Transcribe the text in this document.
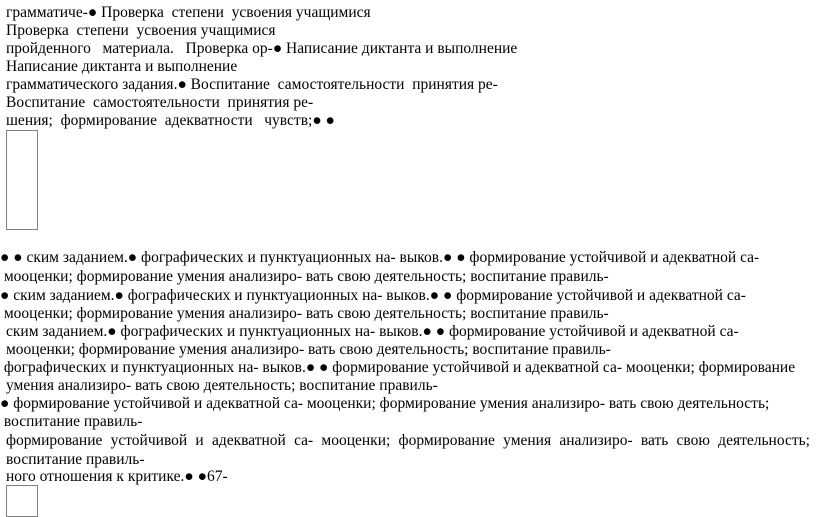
грамматиче-● Проверка  степени  усвоения учащимися
Проверка  степени  усвоения учащимися
пройденного   материала.   Проверка ор-● Написание диктанта и выполнение
Написание диктанта и выполнение
грамматического задания.● Воспитание  самостоятельности  принятия ре-
Воспитание  самостоятельности  принятия ре-
шения;  формирование  адекватности   чувств;● ●
● ● ским заданием.● фографических и пунктуационных на- выков.● ● формирование устойчивой и адекватной са-
мооценки; формирование умения анализиро- вать свою деятельность; воспитание правиль-
● ским заданием.● фографических и пунктуационных на- выков.● ● формирование устойчивой и адекватной са-
мооценки; формирование умения анализиро- вать свою деятельность; воспитание правиль-
ским заданием.● фографических и пунктуационных на- выков.● ● формирование устойчивой и адекватной са-
мооценки; формирование умения анализиро- вать свою деятельность; воспитание правиль-
фографических и пунктуационных на- выков.● ● формирование устойчивой и адекватной са- мооценки; формирование
умения анализиро- вать свою деятельность; воспитание правиль-
● формирование устойчивой и адекватной са- мооценки; формирование умения анализиро- вать свою деятельность;
воспитание правиль-
формирование устойчивой и адекватной са- мооценки; формирование умения анализиро- вать свою деятельность;
воспитание правиль-
ного отношения к критике.● ●67-
